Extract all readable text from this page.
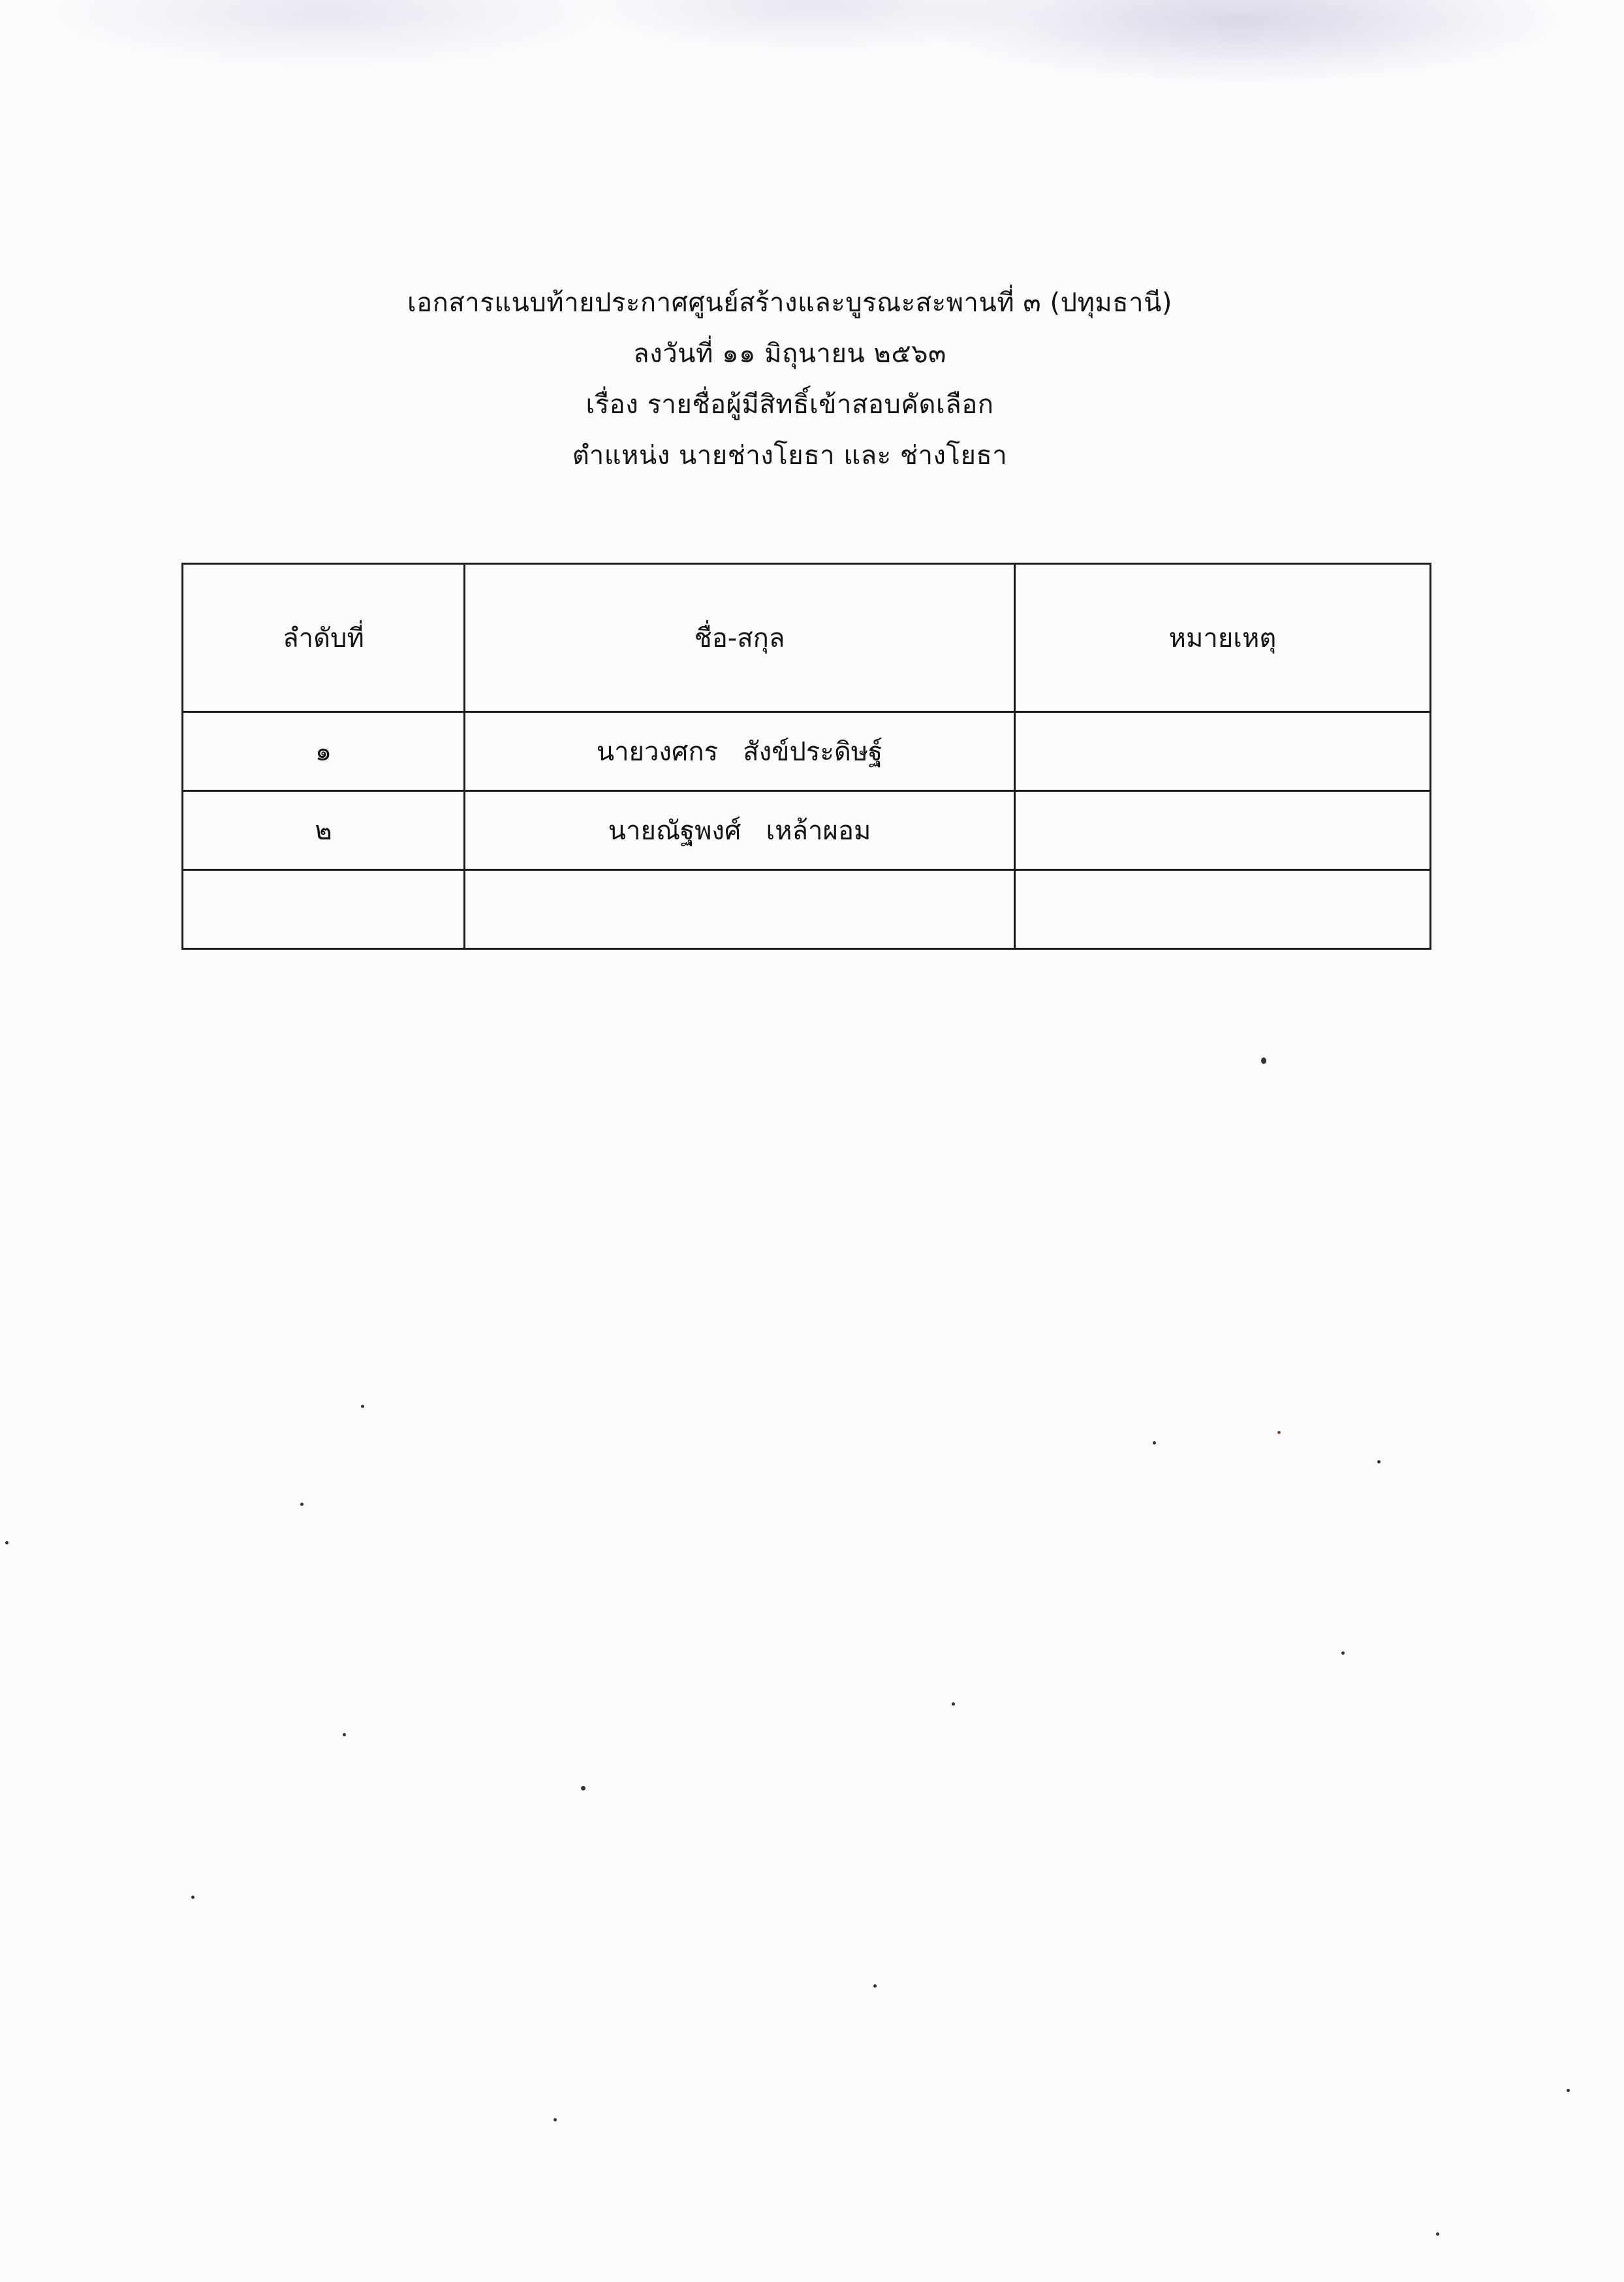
เอกสารแนบท้ายประกาศศูนย์สร้างและบูรณะสะพานที่ ๓ (ปทุมธานี)
ลงวันที่ ๑๑ มิถุนายน ๒๕๖๓
เรื่อง รายชื่อผู้มีสิทธิ์เข้าสอบคัดเลือก
ตำแหน่ง นายช่างโยธา และ ช่างโยธา
ลำดับที่	ชื่อ-สกุล	หมายเหตุ
๑	นายวงศกร   สังข์ประดิษฐ์	
๒	นายณัฐพงศ์   เหล้าผอม	
